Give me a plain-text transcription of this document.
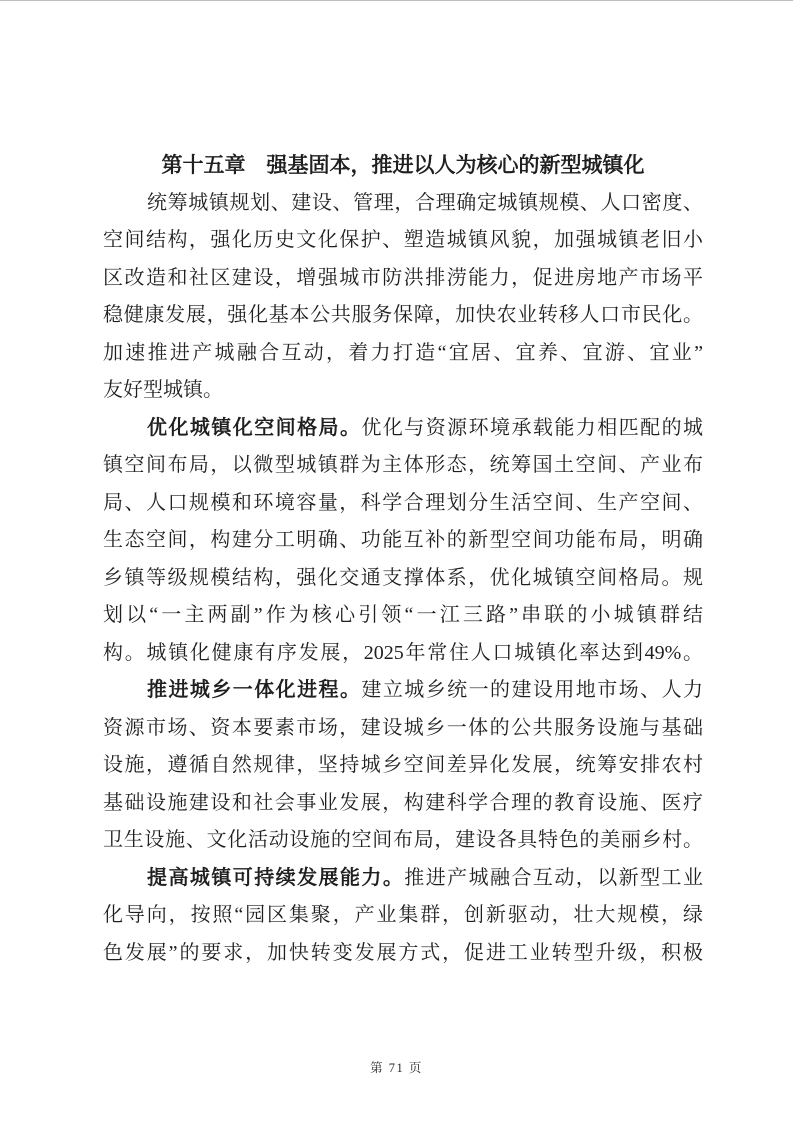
第十五章　强基固本，推进以人为核心的新型城镇化
统筹城镇规划、建设、管理，合理确定城镇规模、人口密度、
空间结构，强化历史文化保护、塑造城镇风貌，加强城镇老旧小
区改造和社区建设，增强城市防洪排涝能力，促进房地产市场平
稳健康发展，强化基本公共服务保障，加快农业转移人口市民化。
加速推进产城融合互动，着力打造“宜居、宜养、宜游、宜业”
友好型城镇。
优化城镇化空间格局。优化与资源环境承载能力相匹配的城
镇空间布局，以微型城镇群为主体形态，统筹国土空间、产业布
局、人口规模和环境容量，科学合理划分生活空间、生产空间、
生态空间，构建分工明确、功能互补的新型空间功能布局，明确
乡镇等级规模结构，强化交通支撑体系，优化城镇空间格局。规
划以“一主两副”作为核心引领“一江三路”串联的小城镇群结
构。城镇化健康有序发展，2025年常住人口城镇化率达到49%。
推进城乡一体化进程。建立城乡统一的建设用地市场、人力
资源市场、资本要素市场，建设城乡一体的公共服务设施与基础
设施，遵循自然规律，坚持城乡空间差异化发展，统筹安排农村
基础设施建设和社会事业发展，构建科学合理的教育设施、医疗
卫生设施、文化活动设施的空间布局，建设各具特色的美丽乡村。
提高城镇可持续发展能力。推进产城融合互动，以新型工业
化导向，按照“园区集聚，产业集群，创新驱动，壮大规模，绿
色发展”的要求，加快转变发展方式，促进工业转型升级，积极
第 71 页
